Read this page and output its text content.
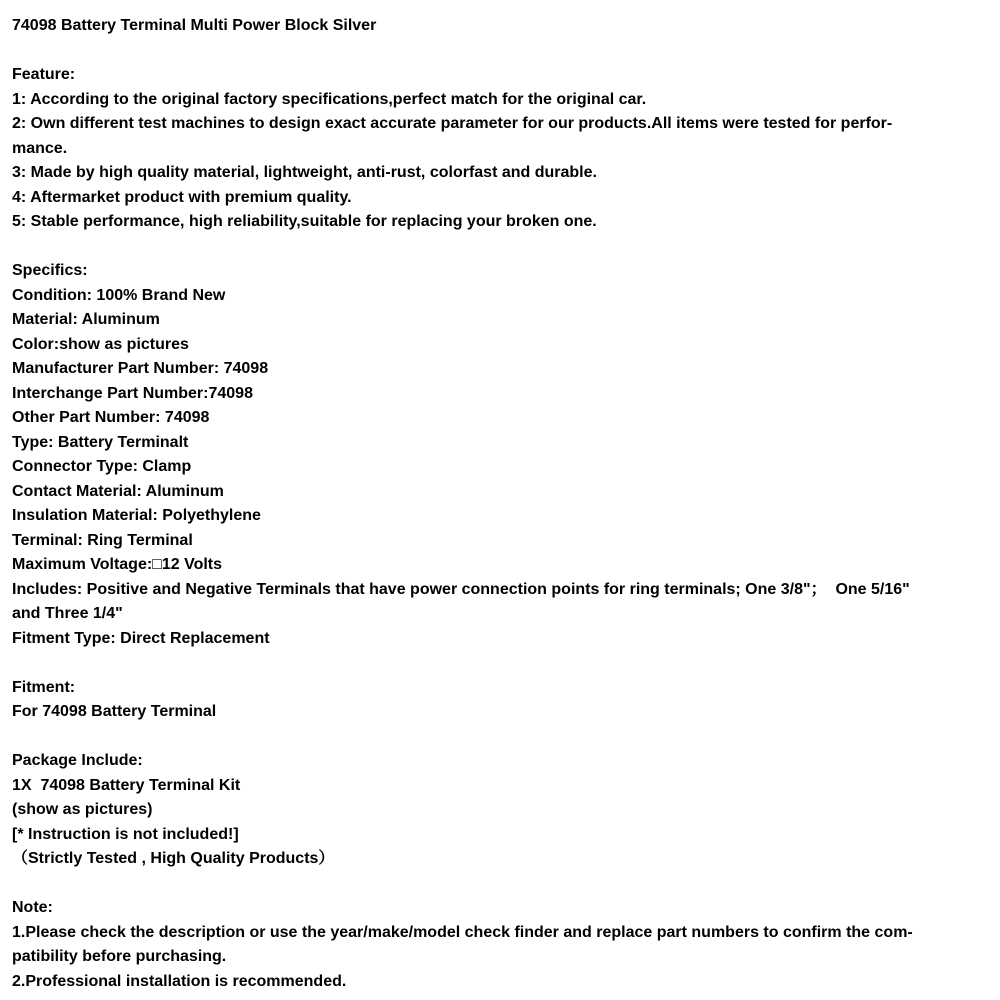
74098 Battery Terminal Multi Power Block Silver
Feature:
1: According to the original factory specifications,perfect match for the original car.
2: Own different test machines to design exact accurate parameter for our products.All items were tested for perfor-
mance.
3: Made by high quality material, lightweight, anti-rust, colorfast and durable.
4: Aftermarket product with premium quality.
5: Stable performance, high reliability,suitable for replacing your broken one.
Specifics:
Condition: 100% Brand New
Material: Aluminum
Color:show as pictures
Manufacturer Part Number: 74098
Interchange Part Number:74098
Other Part Number: 74098
Type: Battery Terminalt
Connector Type: Clamp
Contact Material: Aluminum
Insulation Material: Polyethylene
Terminal: Ring Terminal
Maximum Voltage:□12 Volts
Includes: Positive and Negative Terminals that have power connection points for ring terminals; One 3/8"；  One 5/16"
and Three 1/4"
Fitment Type: Direct Replacement
Fitment:
For 74098 Battery Terminal
Package Include:
1X  74098 Battery Terminal Kit
(show as pictures)
[* Instruction is not included!]
（Strictly Tested , High Quality Products）
Note:
1.Please check the description or use the year/make/model check finder and replace part numbers to confirm the com-
patibility before purchasing.
2.Professional installation is recommended.
